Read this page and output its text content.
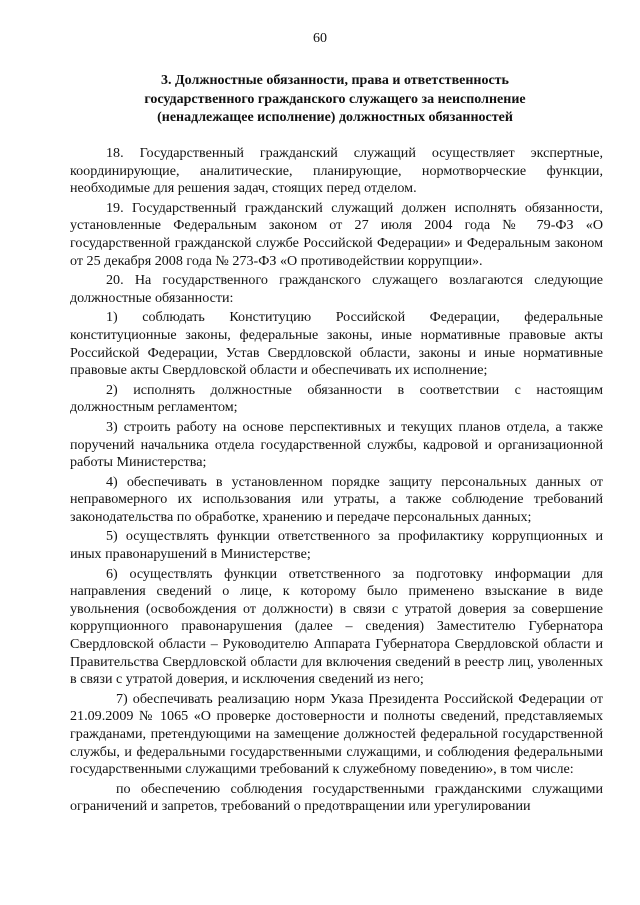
60
3. Должностные обязанности, права и ответственность
государственного гражданского служащего за неисполнение
(ненадлежащее исполнение) должностных обязанностей

18. Государственный гражданский служащий осуществляет экспертные, координирующие, аналитические, планирующие, нормотворческие функции, необходимые для решения задач, стоящих перед отделом.

19. Государственный гражданский служащий должен исполнять обязанности, установленные Федеральным законом от 27 июля 2004 года № 79-ФЗ «О государственной гражданской службе Российской Федерации» и Федеральным законом от 25 декабря 2008 года № 273-ФЗ «О противодействии коррупции».

20. На государственного гражданского служащего возлагаются следующие должностные обязанности:

1) соблюдать Конституцию Российской Федерации, федеральные конституционные законы, федеральные законы, иные нормативные правовые акты Российской Федерации, Устав Свердловской области, законы и иные нормативные правовые акты Свердловской области и обеспечивать их исполнение;

2) исполнять должностные обязанности в соответствии с настоящим должностным регламентом;

3) строить работу на основе перспективных и текущих планов отдела, а также поручений начальника отдела государственной службы, кадровой и организационной работы Министерства;

4) обеспечивать в установленном порядке защиту персональных данных от неправомерного их использования или утраты, а также соблюдение требований законодательства по обработке, хранению и передаче персональных данных;

5) осуществлять функции ответственного за профилактику коррупционных и иных правонарушений в Министерстве;

6) осуществлять функции ответственного за подготовку информации для направления сведений о лице, к которому было применено взыскание в виде увольнения (освобождения от должности) в связи с утратой доверия за совершение коррупционного правонарушения (далее – сведения) Заместителю Губернатора Свердловской области – Руководителю Аппарата Губернатора Свердловской области и Правительства Свердловской области для включения сведений в реестр лиц, уволенных в связи с утратой доверия, и исключения сведений из него;

7) обеспечивать реализацию норм Указа Президента Российской Федерации от 21.09.2009 № 1065 «О проверке достоверности и полноты сведений, представляемых гражданами, претендующими на замещение должностей федеральной государственной службы, и федеральными государственными служащими, и соблюдения федеральными государственными служащими требований к служебному поведению», в том числе:

по обеспечению соблюдения государственными гражданскими служащими ограничений и запретов, требований о предотвращении или урегулировании
